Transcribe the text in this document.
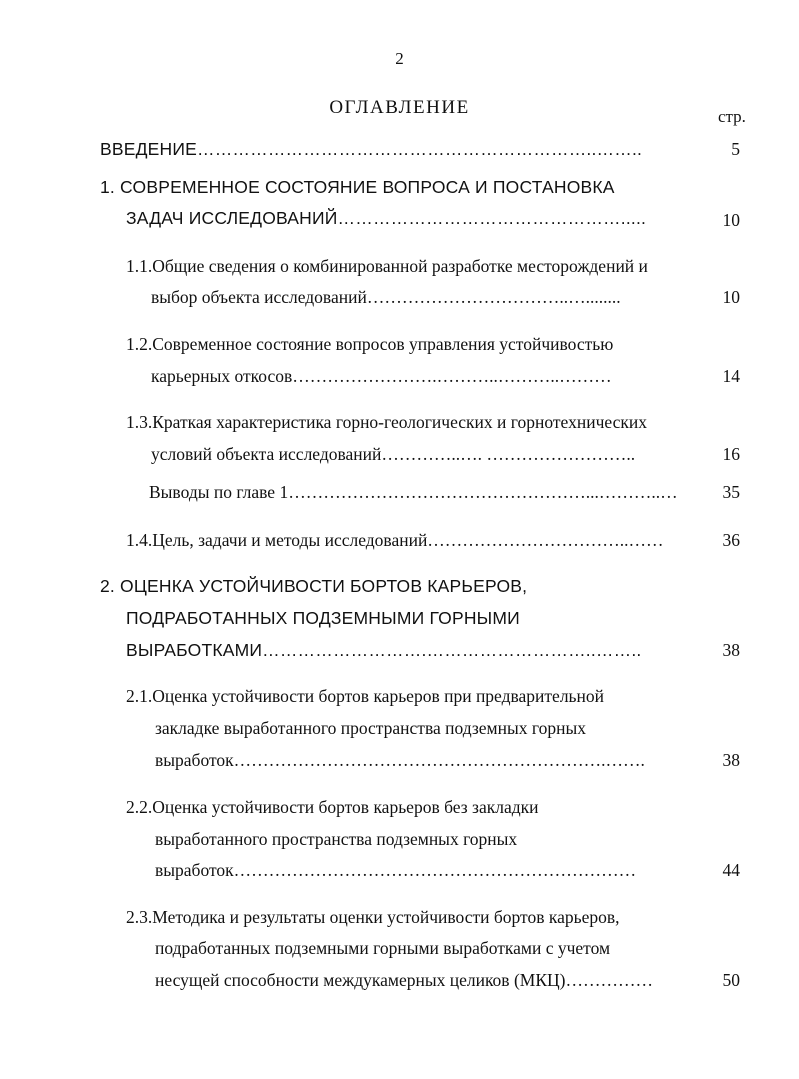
2
ОГЛАВЛЕНИЕ	стр.
ВВЕДЕНИЕ…………………………………………………………..……..	5
1. СОВРЕМЕННОЕ СОСТОЯНИЕ ВОПРОСА И ПОСТАНОВКА
ЗАДАЧ ИССЛЕДОВАНИЙ………………………………………….....	10
1.1.Общие сведения о комбинированной разработке месторождений и
выбор объекта исследований……………………………..…........	10
1.2.Современное состояние вопросов управления устойчивостью
карьерных откосов…………………….………..………..………	14
1.3.Краткая характеристика горно-геологических и горнотехнических
условий объекта исследований…………..…. ……………………..	16
Выводы по главе 1……………………………………………...………..…	35
1.4.Цель, задачи и методы исследований……………………………..……	36
2. ОЦЕНКА УСТОЙЧИВОСТИ БОРТОВ КАРЬЕРОВ,
ПОДРАБОТАННЫХ ПОДЗЕМНЫМИ ГОРНЫМИ
ВЫРАБОТКАМИ……………………….………………………..……..	38
2.1.Оценка устойчивости бортов карьеров при предварительной
закладке выработанного пространства подземных горных
выработок……………………………………………………….…….	38
2.2.Оценка устойчивости бортов карьеров без закладки
выработанного пространства подземных горных
выработок……………………………………………………………	44
2.3.Методика и результаты оценки устойчивости бортов карьеров,
подработанных подземными горными выработками с учетом
несущей способности междукамерных целиков (МКЦ)……………	50
